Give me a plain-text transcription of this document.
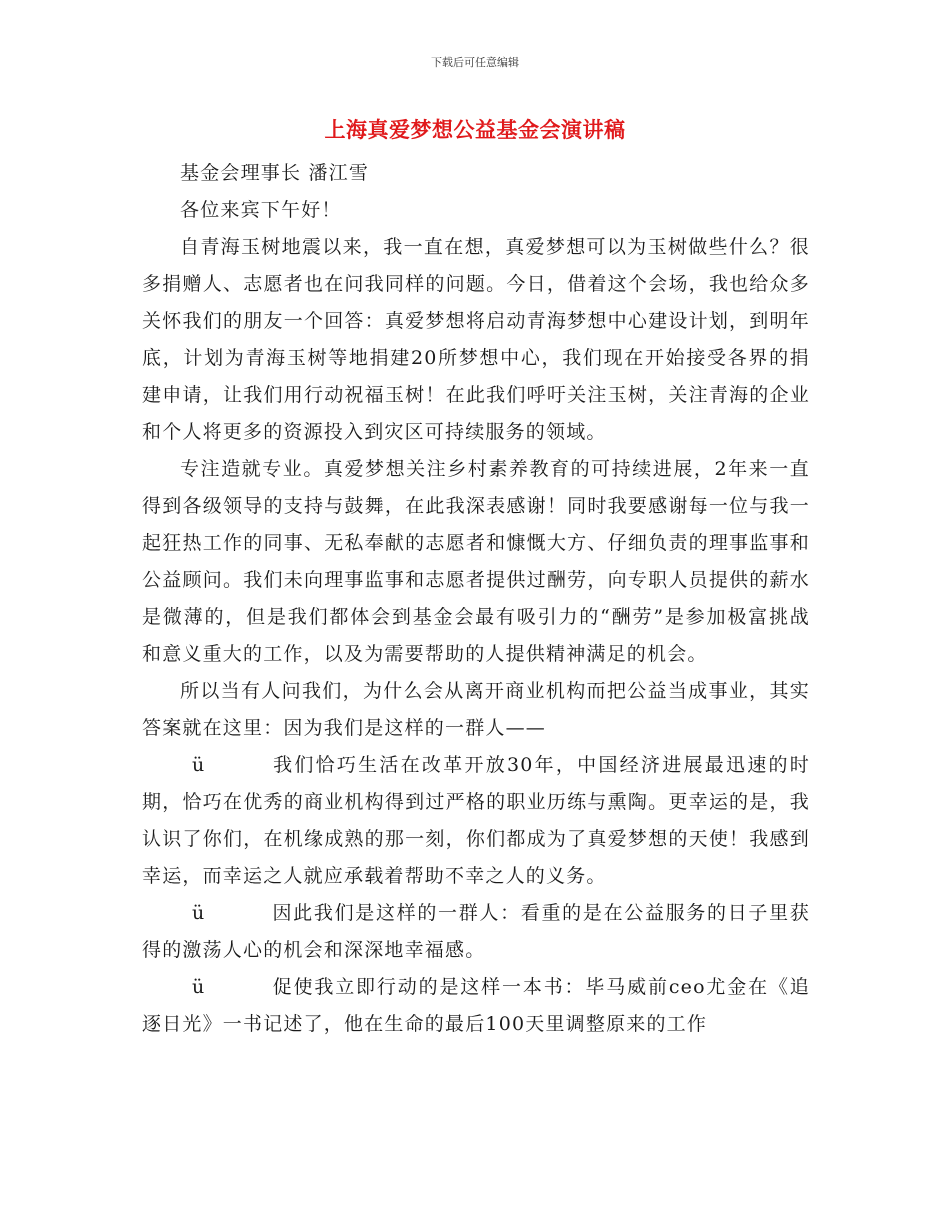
下载后可任意编辑
上海真爱梦想公益基金会演讲稿

基金会理事长 潘江雪

各位来宾下午好！

自青海玉树地震以来，我一直在想，真爱梦想可以为玉树做些什么？很多捐赠人、志愿者也在问我同样的问题。今日，借着这个会场，我也给众多关怀我们的朋友一个回答：真爱梦想将启动青海梦想中心建设计划，到明年底，计划为青海玉树等地捐建20所梦想中心，我们现在开始接受各界的捐建申请，让我们用行动祝福玉树！在此我们呼吁关注玉树，关注青海的企业和个人将更多的资源投入到灾区可持续服务的领域。

专注造就专业。真爱梦想关注乡村素养教育的可持续进展，2年来一直得到各级领导的支持与鼓舞，在此我深表感谢！同时我要感谢每一位与我一起狂热工作的同事、无私奉献的志愿者和慷慨大方、仔细负责的理事监事和公益顾问。我们未向理事监事和志愿者提供过酬劳，向专职人员提供的薪水是微薄的，但是我们都体会到基金会最有吸引力的“酬劳”是参加极富挑战和意义重大的工作，以及为需要帮助的人提供精神满足的机会。

所以当有人问我们，为什么会从离开商业机构而把公益当成事业，其实答案就在这里：因为我们是这样的一群人——

ü	我们恰巧生活在改革开放30年，中国经济进展最迅速的时期，恰巧在优秀的商业机构得到过严格的职业历练与熏陶。更幸运的是，我认识了你们，在机缘成熟的那一刻，你们都成为了真爱梦想的天使！我感到幸运，而幸运之人就应承载着帮助不幸之人的义务。

ü	因此我们是这样的一群人：看重的是在公益服务的日子里获得的激荡人心的机会和深深地幸福感。

ü	促使我立即行动的是这样一本书：毕马威前ceo尤金在《追逐日光》一书记述了，他在生命的最后100天里调整原来的工作
